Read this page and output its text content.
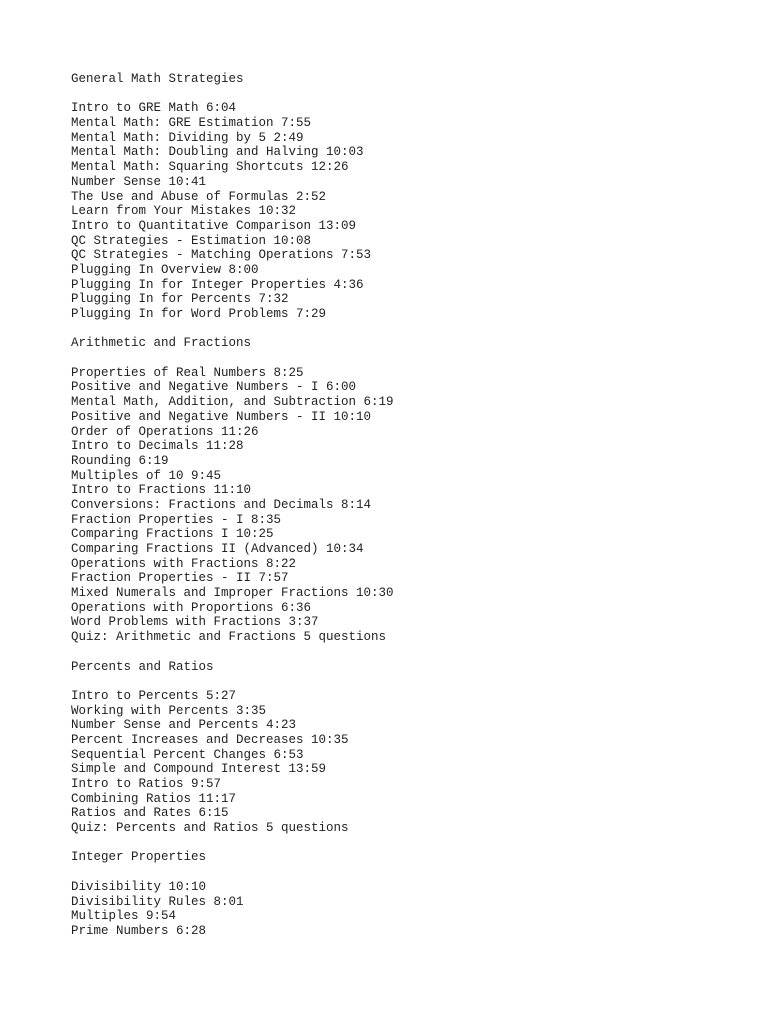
General Math Strategies
Intro to GRE Math 6:04
Mental Math: GRE Estimation 7:55
Mental Math: Dividing by 5 2:49
Mental Math: Doubling and Halving 10:03
Mental Math: Squaring Shortcuts 12:26
Number Sense 10:41
The Use and Abuse of Formulas 2:52
Learn from Your Mistakes 10:32
Intro to Quantitative Comparison 13:09
QC Strategies - Estimation 10:08
QC Strategies - Matching Operations 7:53
Plugging In Overview 8:00
Plugging In for Integer Properties 4:36
Plugging In for Percents 7:32
Plugging In for Word Problems 7:29
Arithmetic and Fractions
Properties of Real Numbers 8:25
Positive and Negative Numbers - I 6:00
Mental Math, Addition, and Subtraction 6:19
Positive and Negative Numbers - II 10:10
Order of Operations 11:26
Intro to Decimals 11:28
Rounding 6:19
Multiples of 10 9:45
Intro to Fractions 11:10
Conversions: Fractions and Decimals 8:14
Fraction Properties - I 8:35
Comparing Fractions I 10:25
Comparing Fractions II (Advanced) 10:34
Operations with Fractions 8:22
Fraction Properties - II 7:57
Mixed Numerals and Improper Fractions 10:30
Operations with Proportions 6:36
Word Problems with Fractions 3:37
Quiz: Arithmetic and Fractions 5 questions
Percents and Ratios
Intro to Percents 5:27
Working with Percents 3:35
Number Sense and Percents 4:23
Percent Increases and Decreases 10:35
Sequential Percent Changes 6:53
Simple and Compound Interest 13:59
Intro to Ratios 9:57
Combining Ratios 11:17
Ratios and Rates 6:15
Quiz: Percents and Ratios 5 questions
Integer Properties
Divisibility 10:10
Divisibility Rules 8:01
Multiples 9:54
Prime Numbers 6:28
